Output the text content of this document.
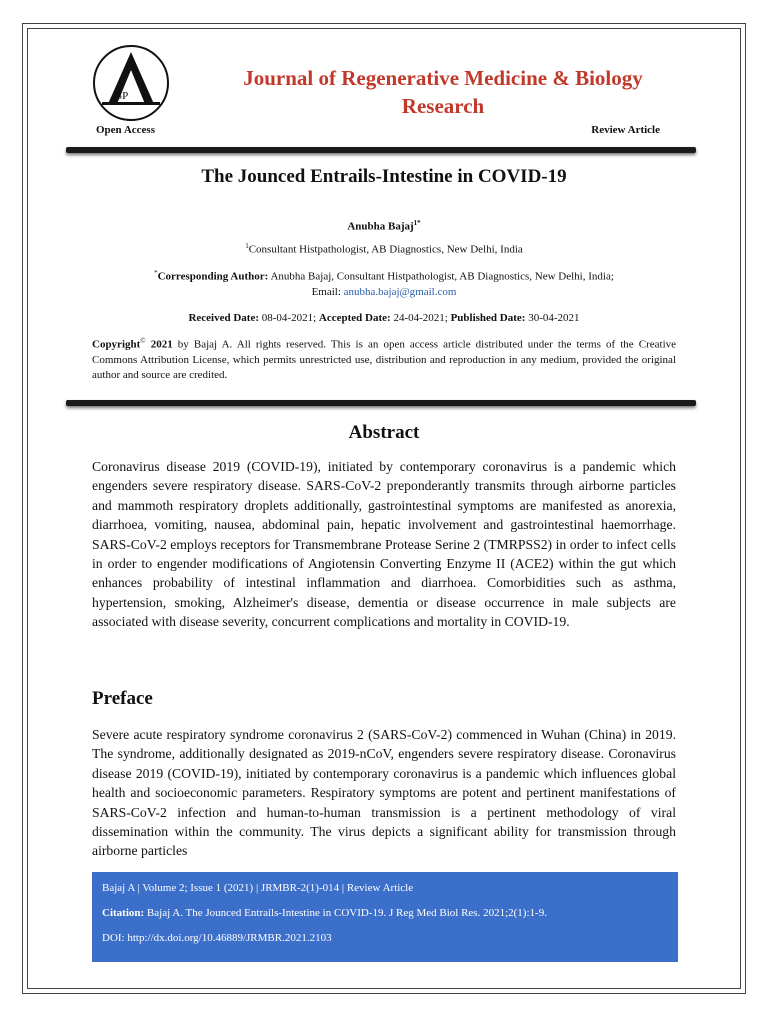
SP
Journal of Regenerative Medicine & Biology Research
Open Access	Review Article
The Jounced Entrails-Intestine in COVID-19
Anubha Bajaj$^{1*}$
$^1$Consultant Histpathologist, AB Diagnostics, New Delhi, India
*Corresponding Author: Anubha Bajaj, Consultant Histpathologist, AB Diagnostics, New Delhi, India;
Email: anubha.bajaj@gmail.com
Received Date: 08-04-2021; Accepted Date: 24-04-2021; Published Date: 30-04-2021
Copyright© 2021 by Bajaj A. All rights reserved. This is an open access article distributed under the terms of the Creative Commons Attribution License, which permits unrestricted use, distribution and reproduction in any medium, provided the original author and source are credited.
Abstract
Coronavirus disease 2019 (COVID-19), initiated by contemporary coronavirus is a pandemic which engenders severe respiratory disease. SARS-CoV-2 preponderantly transmits through airborne particles and mammoth respiratory droplets additionally, gastrointestinal symptoms are manifested as anorexia, diarrhoea, vomiting, nausea, abdominal pain, hepatic involvement and gastrointestinal haemorrhage. SARS-CoV-2 employs receptors for Transmembrane Protease Serine 2 (TMRPSS2) in order to infect cells in order to engender modifications of Angiotensin Converting Enzyme II (ACE2) within the gut which enhances probability of intestinal inflammation and diarrhoea. Comorbidities such as asthma, hypertension, smoking, Alzheimer's disease, dementia or disease occurrence in male subjects are associated with disease severity, concurrent complications and mortality in COVID-19.
Preface
Severe acute respiratory syndrome coronavirus 2 (SARS-CoV-2) commenced in Wuhan (China) in 2019. The syndrome, additionally designated as 2019-nCoV, engenders severe respiratory disease. Coronavirus disease 2019 (COVID-19), initiated by contemporary coronavirus is a pandemic which influences global health and socioeconomic parameters. Respiratory symptoms are potent and pertinent manifestations of SARS-CoV-2 infection and human-to-human transmission is a pertinent methodology of viral dissemination within the community. The virus depicts a significant ability for transmission through airborne particles
Bajaj A | Volume 2; Issue 1 (2021) | JRMBR-2(1)-014 | Review Article
Citation: Bajaj A. The Jounced Entrails-Intestine in COVID-19. J Reg Med Biol Res. 2021;2(1):1-9.
DOI: http://dx.doi.org/10.46889/JRMBR.2021.2103
